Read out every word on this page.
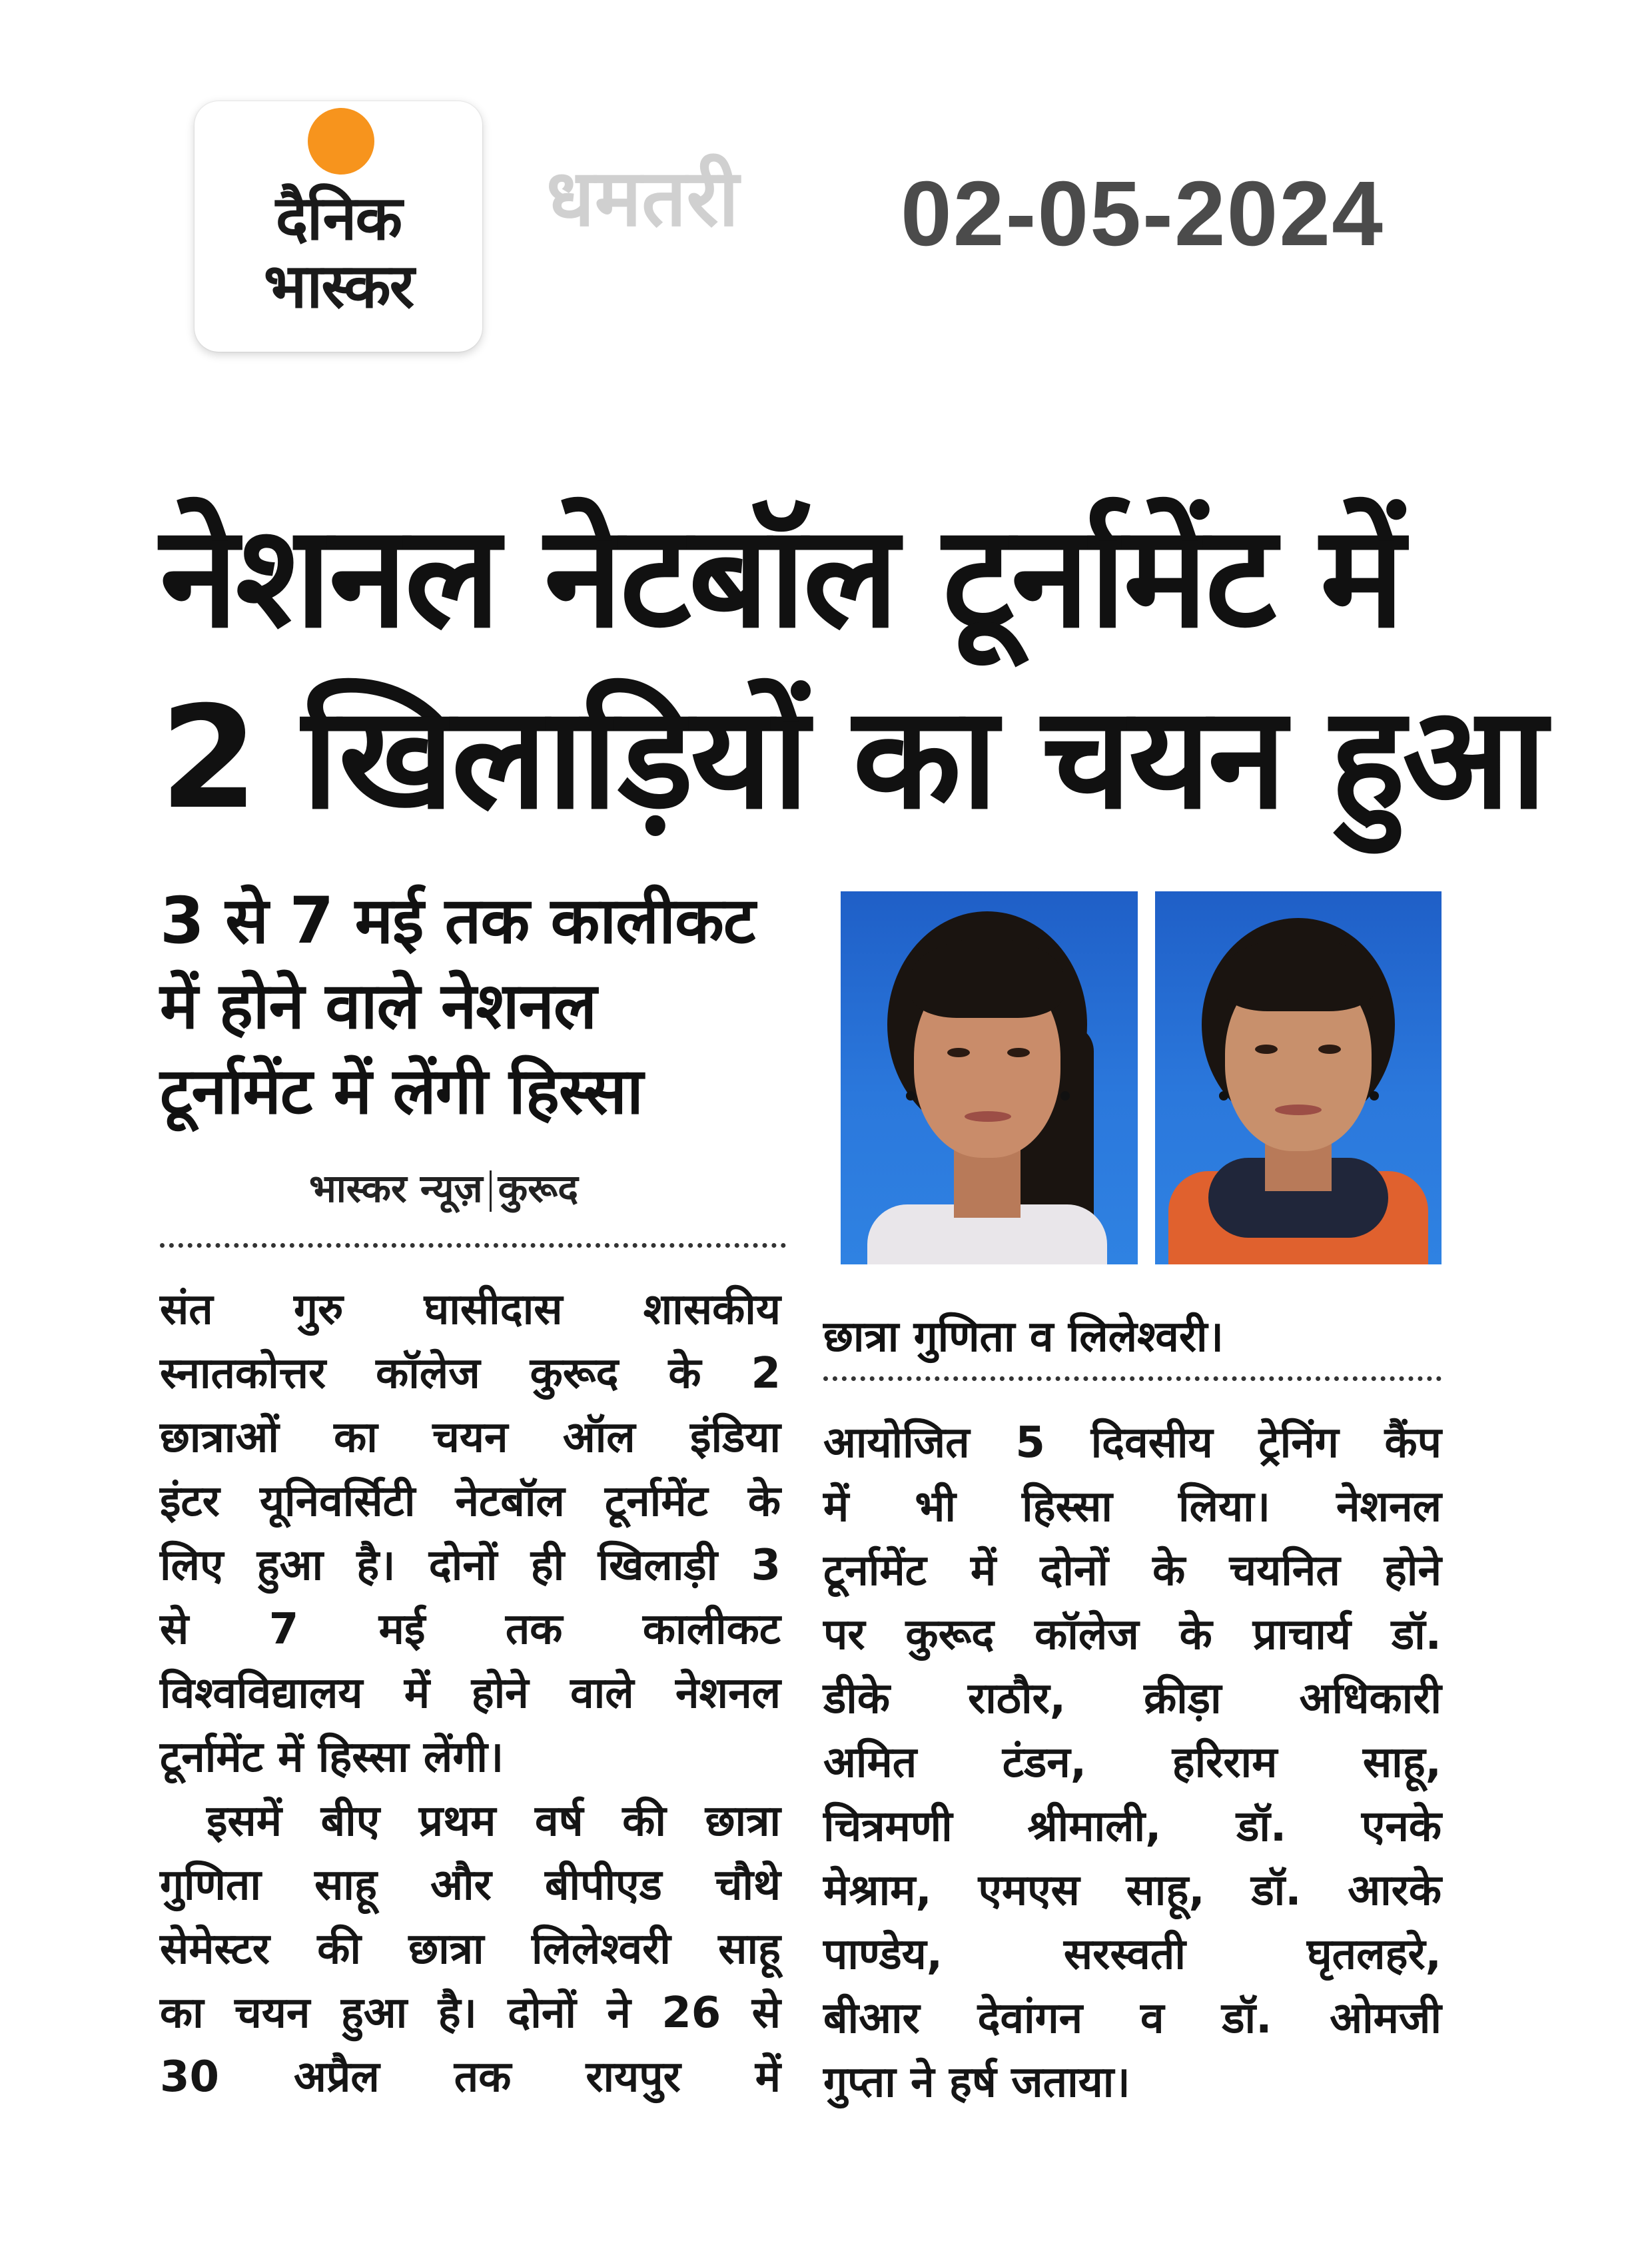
दैनिक
भास्कर
धमतरी 02-05-2024
नेशनल नेटबॉल टूर्नामेंट में
2 खिलाड़ियों का चयन हुआ
3 से 7 मई तक कालीकट
में होने वाले नेशनल
टूर्नामेंट में लेंगी हिस्सा
भास्कर न्यूज़ कुरूद
छात्रा गुणिता व लिलेश्वरी।
संत गुरु घासीदास शासकीय
स्नातकोत्तर कॉलेज कुरूद के 2
छात्राओं का चयन ऑल इंडिया
इंटर यूनिवर्सिटी नेटबॉल टूर्नामेंट के
लिए हुआ है। दोनों ही खिलाड़ी 3
से 7 मई तक कालीकट
विश्वविद्यालय में होने वाले नेशनल
टूर्नामेंट में हिस्सा लेंगी।
इसमें बीए प्रथम वर्ष की छात्रा
गुणिता साहू और बीपीएड चौथे
सेमेस्टर की छात्रा लिलेश्वरी साहू
का चयन हुआ है। दोनों ने 26 से
30 अप्रैल तक रायपुर में
आयोजित 5 दिवसीय ट्रेनिंग कैंप
में भी हिस्सा लिया। नेशनल
टूर्नामेंट में दोनों के चयनित होने
पर कुरूद कॉलेज के प्राचार्य डॉ.
डीके राठौर, क्रीड़ा अधिकारी
अमित टंडन, हरिराम साहू,
चित्रमणी श्रीमाली, डॉ. एनके
मेश्राम, एमएस साहू, डॉ. आरके
पाण्डेय, सरस्वती घृतलहरे,
बीआर देवांगन व डॉ. ओमजी
गुप्ता ने हर्ष जताया।
